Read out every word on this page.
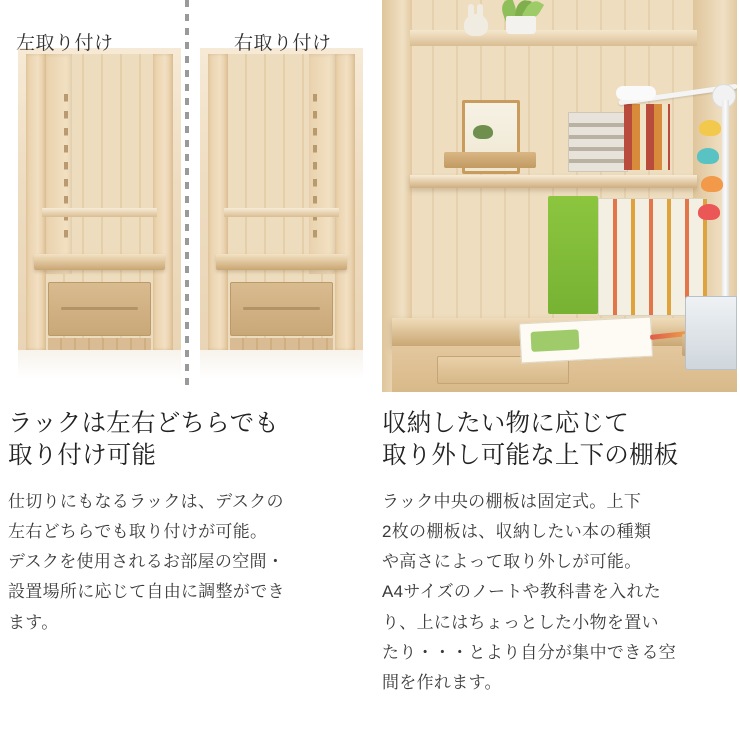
左取り付け	右取り付け
ラックは左右どちらでも
取り付け可能
仕切りにもなるラックは、デスクの
左右どちらでも取り付けが可能。
デスクを使用されるお部屋の空間・
設置場所に応じて自由に調整ができ
ます。
収納したい物に応じて
取り外し可能な上下の棚板
ラック中央の棚板は固定式。上下
2枚の棚板は、収納したい本の種類
や高さによって取り外しが可能。
A4サイズのノートや教科書を入れた
り、上にはちょっとした小物を置い
たり・・・とより自分が集中できる空
間を作れます。
